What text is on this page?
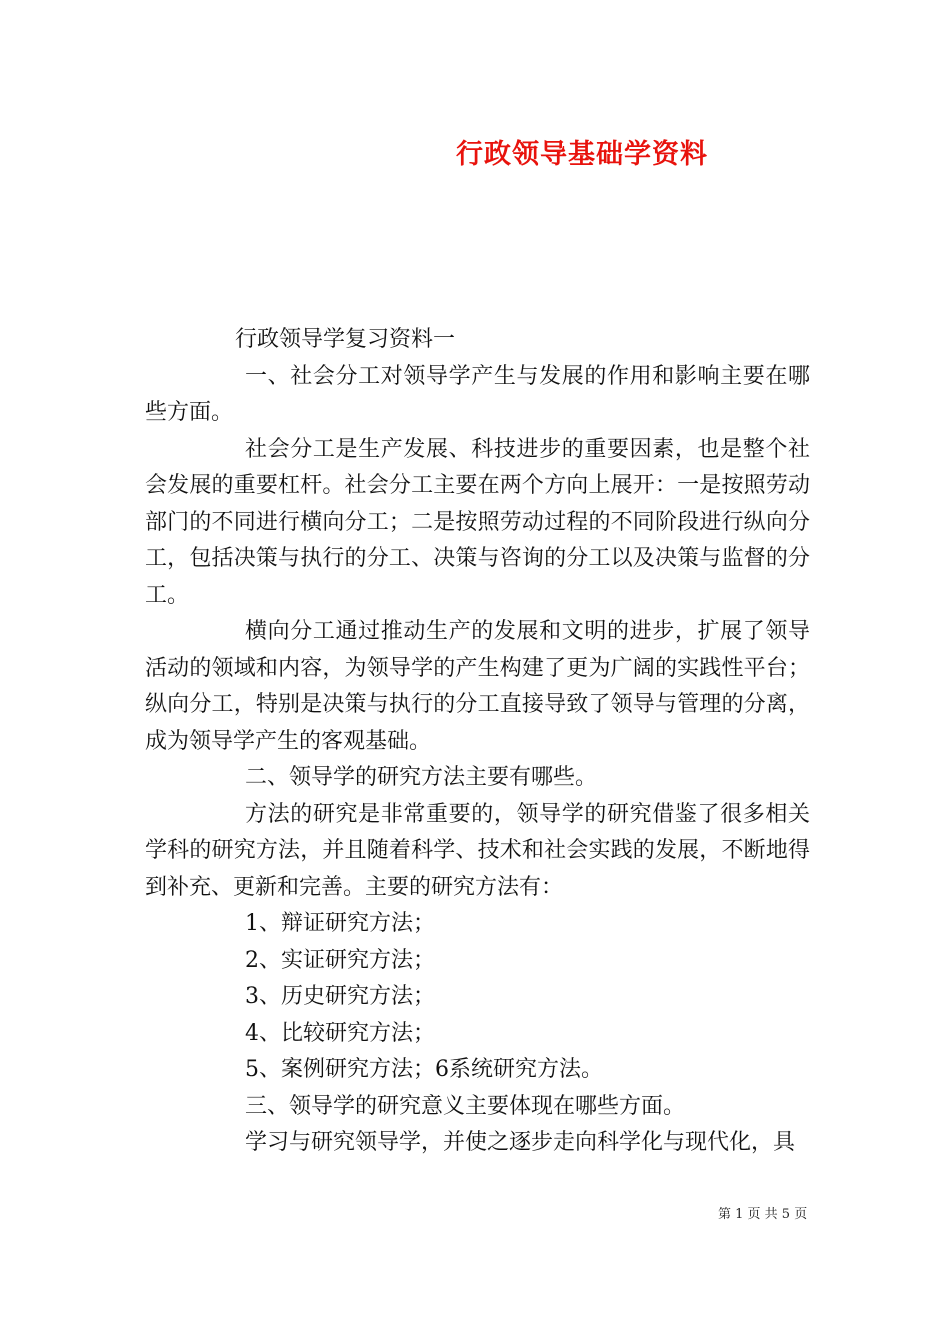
行政领导基础学资料

行政领导学复习资料一

一、社会分工对领导学产生与发展的作用和影响主要在哪些方面。

社会分工是生产发展、科技进步的重要因素，也是整个社会发展的重要杠杆。社会分工主要在两个方向上展开：一是按照劳动部门的不同进行横向分工；二是按照劳动过程的不同阶段进行纵向分工，包括决策与执行的分工、决策与咨询的分工以及决策与监督的分工。

横向分工通过推动生产的发展和文明的进步，扩展了领导活动的领域和内容，为领导学的产生构建了更为广阔的实践性平台；纵向分工，特别是决策与执行的分工直接导致了领导与管理的分离，成为领导学产生的客观基础。

二、领导学的研究方法主要有哪些。

方法的研究是非常重要的，领导学的研究借鉴了很多相关学科的研究方法，并且随着科学、技术和社会实践的发展，不断地得到补充、更新和完善。主要的研究方法有：

1、辩证研究方法；

2、实证研究方法；

3、历史研究方法；

4、比较研究方法；

5、案例研究方法；6系统研究方法。

三、领导学的研究意义主要体现在哪些方面。

学习与研究领导学，并使之逐步走向科学化与现代化，具

第 1 页 共 5 页
